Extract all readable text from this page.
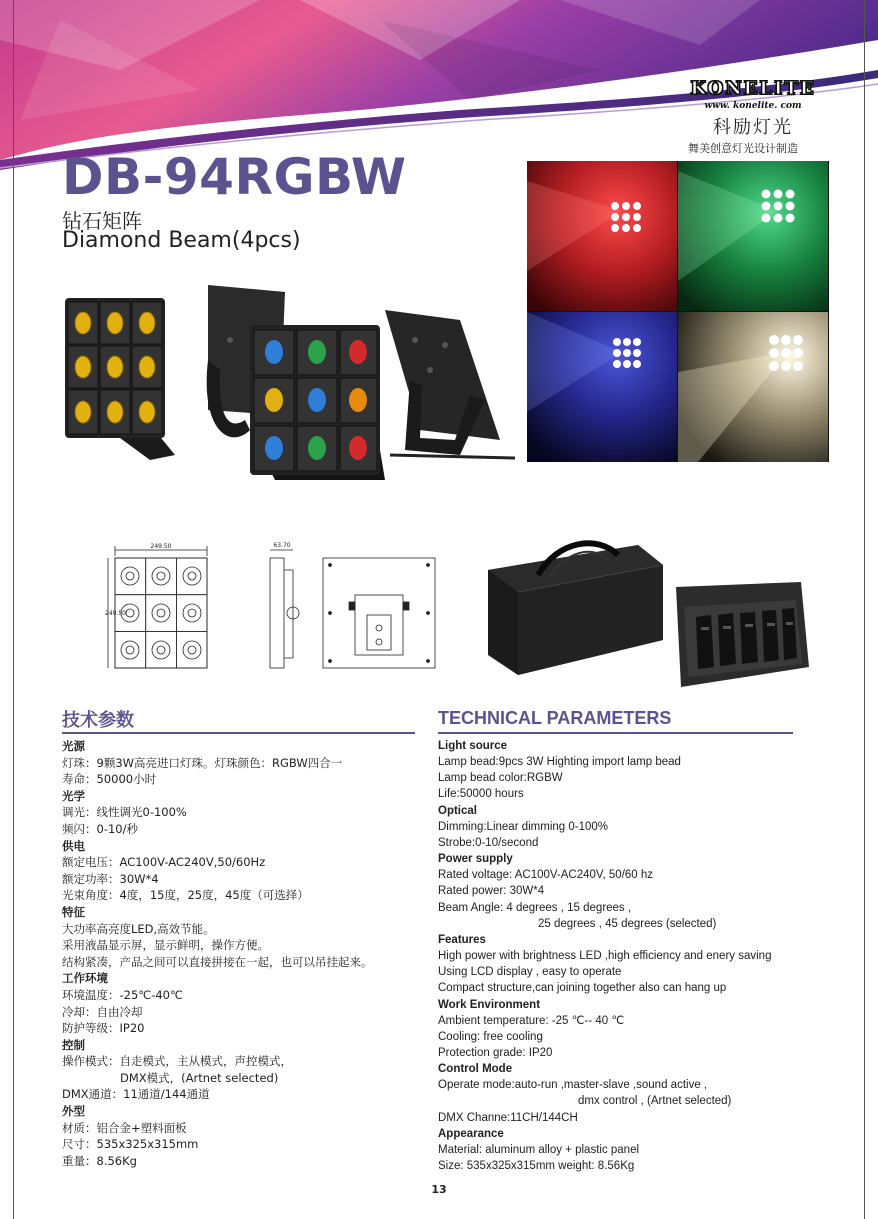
KONELITE
www. konelite. com
科励灯光
舞美创意灯光设计制造
DB-94RGBW
钻石矩阵
Diamond Beam(4pcs)
249.50
249.50
63.70
技术参数	TECHNICAL PARAMETERS
光源
灯珠：9颗3W高亮进口灯珠。灯珠颜色：RGBW四合一
寿命：50000小时
光学
调光：线性调光0-100%
频闪：0-10/秒
供电
额定电压：AC100V-AC240V,50/60Hz
额定功率：30W*4
光束角度：4度，15度，25度，45度（可选择）
特征
大功率高亮度LED,高效节能。
采用液晶显示屏，显示鲜明，操作方便。
结构紧凑，产品之间可以直接拼接在一起，也可以吊挂起来。
工作环境
环境温度：-25℃-40℃
冷却：自由冷却
防护等级：IP20
控制
操作模式：自走模式，主从模式，声控模式，
DMX模式，(Artnet selected)
DMX通道：11通道/144通道
外型
材质：铝合金+塑料面板
尺寸：535x325x315mm
重量：8.56Kg
Light source
Lamp bead:9pcs 3W Highting import lamp bead
Lamp bead color:RGBW
Life:50000 hours
Optical
Dimming:Linear dimming 0-100%
Strobe:0-10/second
Power supply
Rated voltage: AC100V-AC240V, 50/60 hz
Rated power: 30W*4
Beam Angle: 4 degrees , 15 degrees ,
25 degrees , 45 degrees (selected)
Features
High power with brightness LED ,high efficiency and enery saving
Using LCD display , easy to operate
Compact structure,can joining together also can hang up
Work Environment
Ambient temperature: -25 ℃-- 40 ℃
Cooling: free cooling
Protection grade: IP20
Control Mode
Operate mode:auto-run ,master-slave ,sound active ,
dmx control , (Artnet selected)
DMX Channe:11CH/144CH
Appearance
Material: aluminum alloy + plastic panel
Size: 535x325x315mm weight: 8.56Kg
13
